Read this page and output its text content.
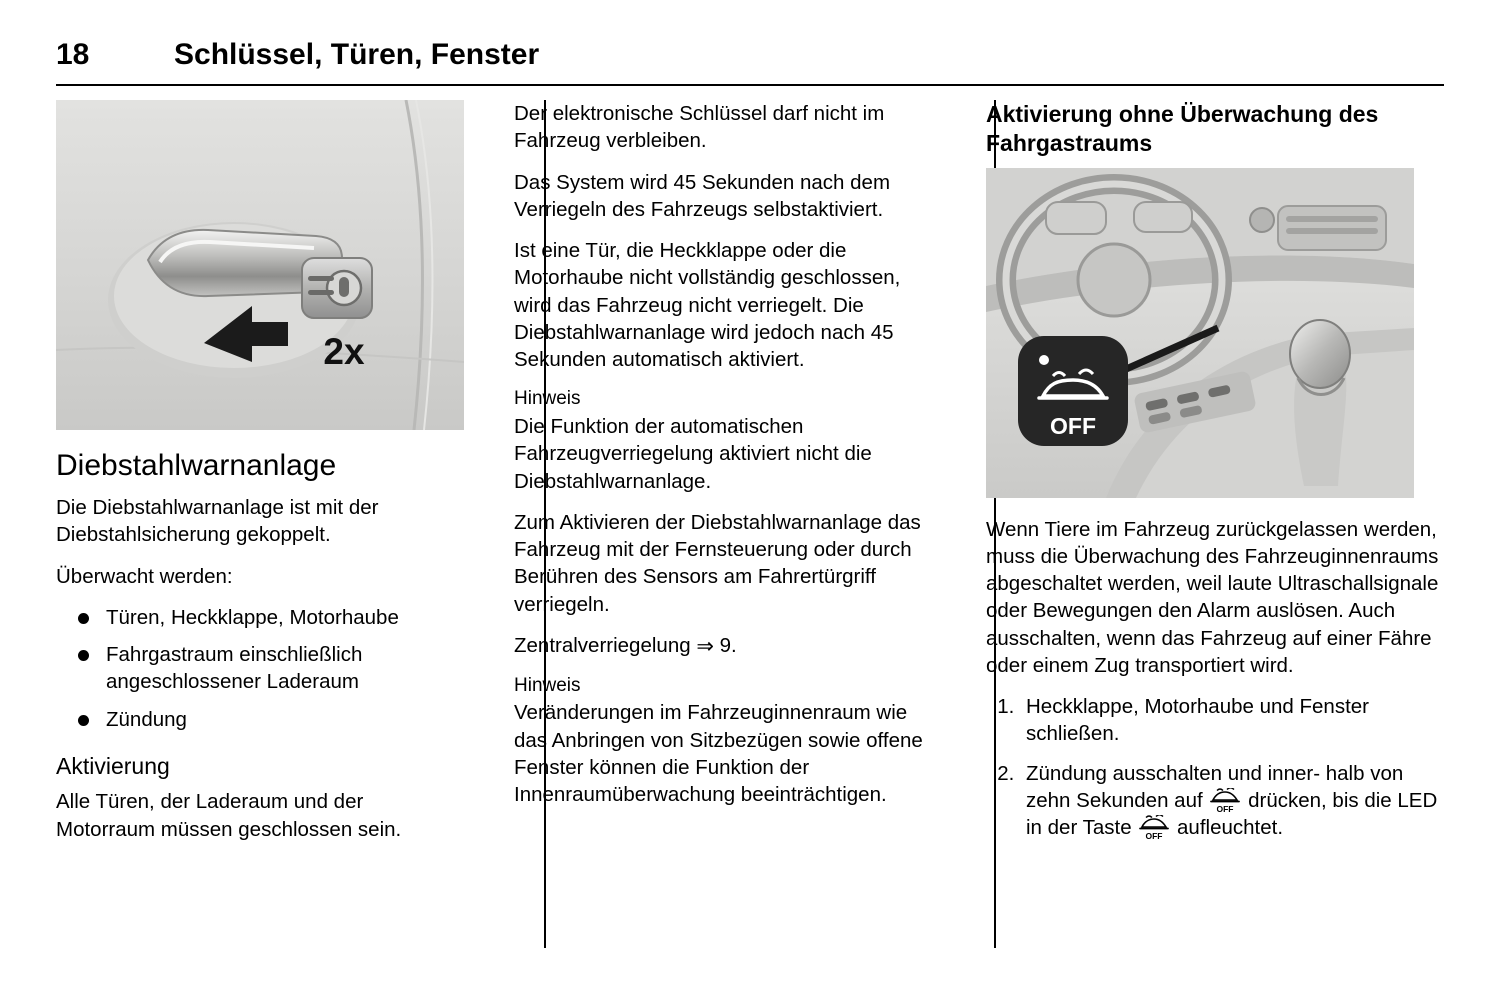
18	Schlüssel, Türen, Fenster
2x
Diebstahlwarnanlage

Die Diebstahlwarnanlage ist mit der Diebstahlsicherung gekoppelt.

Überwacht werden:

Türen, Heckklappe, Motorhaube
Fahrgastraum einschließlich angeschlossener Laderaum
Zündung
Aktivierung

Alle Türen, der Laderaum und der Motorraum müssen geschlossen sein.

Der elektronische Schlüssel darf nicht im Fahrzeug verbleiben.

Das System wird 45 Sekunden nach dem Verriegeln des Fahrzeugs selbstaktiviert.

Ist eine Tür, die Heckklappe oder die Motorhaube nicht vollständig geschlossen, wird das Fahrzeug nicht verriegelt. Die Diebstahlwarnanlage wird jedoch nach 45 Sekunden automatisch aktiviert.

Hinweis
Die Funktion der automatischen Fahrzeugverriegelung aktiviert nicht die Diebstahlwarnanlage.

Zum Aktivieren der Diebstahlwarnanlage das Fahrzeug mit der Fernsteuerung oder durch Berühren des Sensors am Fahrertürgriff verriegeln.

Zentralverriegelung ⇒ 9.

Hinweis
Veränderungen im Fahrzeuginnenraum wie das Anbringen von Sitzbezügen sowie offene Fenster können die Funktion der Innenraumüberwachung beeinträchtigen.
Aktivierung ohne Überwachung des Fahrgastraums
OFF

Wenn Tiere im Fahrzeug zurückgelassen werden, muss die Überwachung des Fahrzeuginnenraums abgeschaltet werden, weil laute Ultraschallsignale oder Bewegungen den Alarm auslösen. Auch ausschalten, wenn das Fahrzeug auf einer Fähre oder einem Zug transportiert wird.

1. Heckklappe, Motorhaube und Fenster schließen.
2. Zündung ausschalten und inner- halb von zehn Sekunden auf OFF drücken, bis die LED in der Taste OFF aufleuchtet.
